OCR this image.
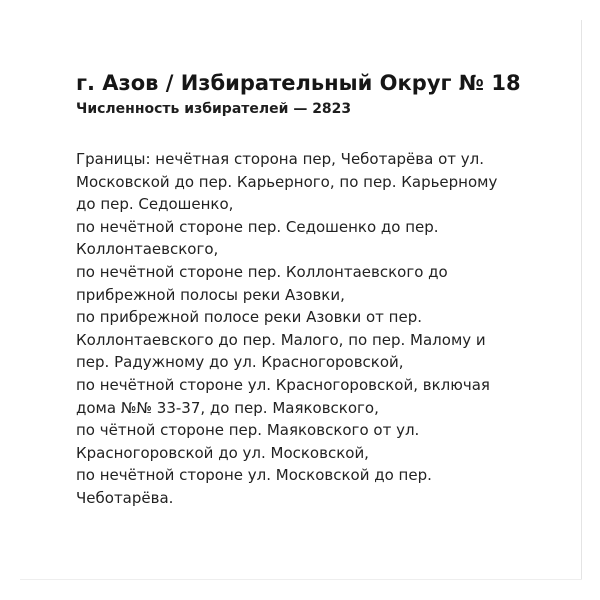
г. Азов / Избирательный Округ № 18

Численность избирателей — 2823

Границы: нечётная сторона пер, Чеботарёва от ул.
Московской до пер. Карьерного, по пер. Карьерному
до пер. Седошенко,
по нечётной стороне пер. Седошенко до пер.
Коллонтаевского,
по нечётной стороне пер. Коллонтаевского до
прибрежной полосы реки Азовки,
по прибрежной полосе реки Азовки от пер.
Коллонтаевского до пер. Малого, по пер. Малому и
пер. Радужному до ул. Красногоровской,
по нечётной стороне ул. Красногоровской, включая
дома №№ 33-37, до пер. Маяковского,
по чётной стороне пер. Маяковского от ул.
Красногоровской до ул. Московской,
по нечётной стороне ул. Московской до пер.
Чеботарёва.
